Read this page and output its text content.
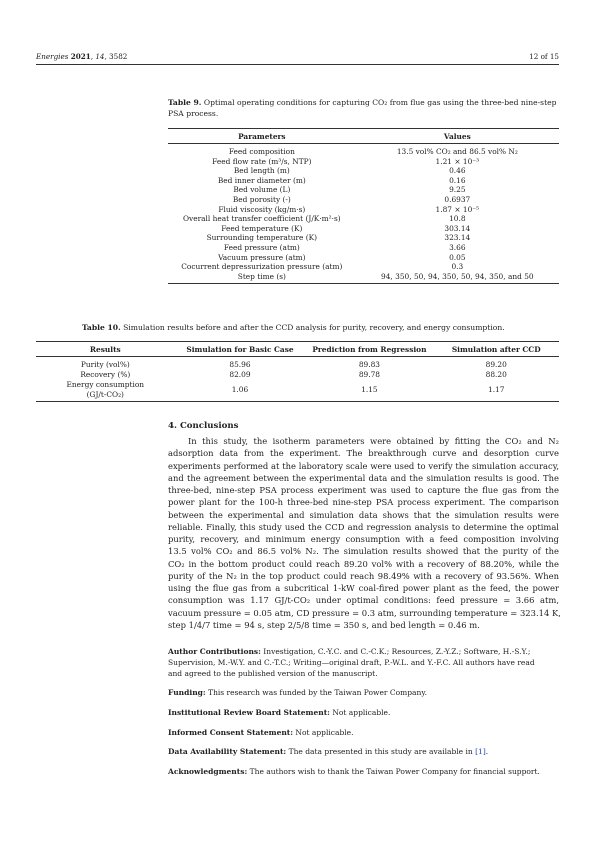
Energies 2021, 14, 3582	12 of 15
Table 9. Optimal operating conditions for capturing CO₂ from flue gas using the three-bed nine-step
PSA process.
Parameters	Values
Feed composition	13.5 vol% CO₂ and 86.5 vol% N₂
Feed flow rate (m³/s, NTP)	1.21 × 10⁻³
Bed length (m)	0.46
Bed inner diameter (m)	0.16
Bed volume (L)	9.25
Bed porosity (-)	0.6937
Fluid viscosity (kg/m·s)	1.87 × 10⁻⁵
Overall heat transfer coefficient (J/K·m²·s)	10.8
Feed temperature (K)	303.14
Surrounding temperature (K)	323.14
Feed pressure (atm)	3.66
Vacuum pressure (atm)	0.05
Cocurrent depressurization pressure (atm)	0.3
Step time (s)	94, 350, 50, 94, 350, 50, 94, 350, and 50
Table 10. Simulation results before and after the CCD analysis for purity, recovery, and energy consumption.
Results	Simulation for Basic Case	Prediction from Regression	Simulation after CCD
Purity (vol%)	85.96	89.83	89.20
Recovery (%)	82.09	89.78	88.20
Energy consumption
(GJ/t-CO₂)	1.06	1.15	1.17
4. Conclusions
In this study, the isotherm parameters were obtained by fitting the CO₂ and N₂
adsorption data from the experiment. The breakthrough curve and desorption curve
experiments performed at the laboratory scale were used to verify the simulation accuracy,
and the agreement between the experimental data and the simulation results is good. The
three-bed, nine-step PSA process experiment was used to capture the flue gas from the
power plant for the 100-h three-bed nine-step PSA process experiment. The comparison
between the experimental and simulation data shows that the simulation results were
reliable. Finally, this study used the CCD and regression analysis to determine the optimal
purity, recovery, and minimum energy consumption with a feed composition involving
13.5 vol% CO₂ and 86.5 vol% N₂. The simulation results showed that the purity of the
CO₂ in the bottom product could reach 89.20 vol% with a recovery of 88.20%, while the
purity of the N₂ in the top product could reach 98.49% with a recovery of 93.56%. When
using the flue gas from a subcritical 1-kW coal-fired power plant as the feed, the power
consumption was 1.17 GJ/t-CO₂ under optimal conditions: feed pressure = 3.66 atm,
vacuum pressure = 0.05 atm, CD pressure = 0.3 atm, surrounding temperature = 323.14 K,
step 1/4/7 time = 94 s, step 2/5/8 time = 350 s, and bed length = 0.46 m.
Author Contributions: Investigation, C.-Y.C. and C.-C.K.; Resources, Z.-Y.Z.; Software, H.-S.Y.;
Supervision, M.-W.Y. and C.-T.C.; Writing—original draft, P.-W.L. and Y.-F.C. All authors have read
and agreed to the published version of the manuscript.
Funding: This research was funded by the Taiwan Power Company.
Institutional Review Board Statement: Not applicable.
Informed Consent Statement: Not applicable.
Data Availability Statement: The data presented in this study are available in [1].
Acknowledgments: The authors wish to thank the Taiwan Power Company for financial support.
